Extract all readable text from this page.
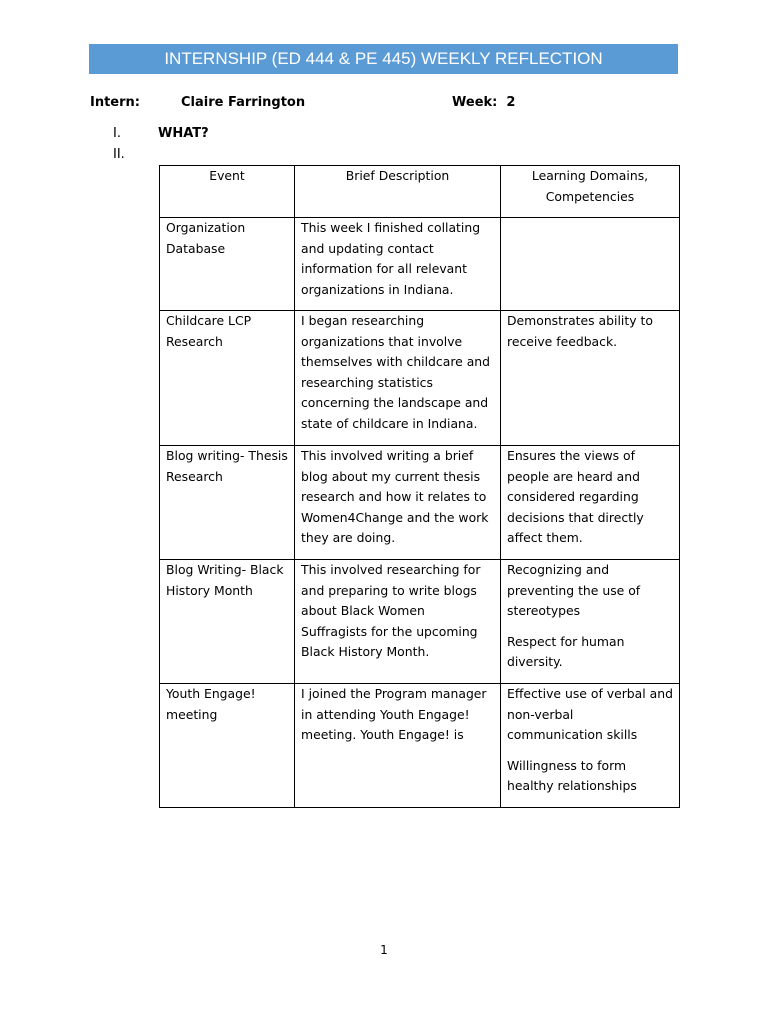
INTERNSHIP (ED 444 & PE 445) WEEKLY REFLECTION
Intern:	Claire Farrington	Week: 2
I.	WHAT?
II.
Event	Brief Description	Learning Domains, Competencies
Organization Database	This week I finished collating and updating contact information for all relevant organizations in Indiana.	
Childcare LCP Research	I began researching organizations that involve themselves with childcare and researching statistics concerning the landscape and state of childcare in Indiana.	Demonstrates ability to receive feedback.

Blog writing- Thesis Research	This involved writing a brief blog about my current thesis research and how it relates to Women4Change and the work they are doing.	Ensures the views of people are heard and considered regarding decisions that directly affect them.

Blog Writing- Black History Month	This involved researching for and preparing to write blogs about Black Women Suffragists for the upcoming Black History Month.	Recognizing and preventing the use of stereotypes

Respect for human diversity.

Youth Engage! meeting	I joined the Program manager in attending Youth Engage! meeting. Youth Engage! is	Effective use of verbal and non-verbal communication skills

Willingness to form healthy relationships

1
